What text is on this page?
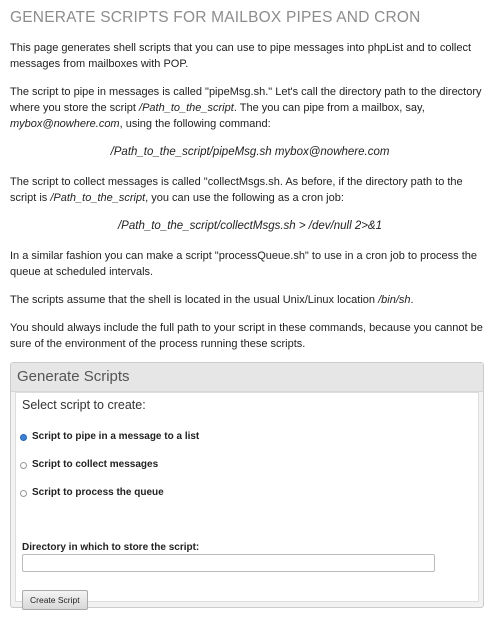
GENERATE SCRIPTS FOR MAILBOX PIPES AND CRON

This page generates shell scripts that you can use to pipe messages into phpList and to collect messages from mailboxes with POP.

The script to pipe in messages is called "pipeMsg.sh." Let's call the directory path to the directory where you store the script /Path_to_the_script. The you can pipe from a mailbox, say, mybox@nowhere.com, using the following command:

/Path_to_the_script/pipeMsg.sh mybox@nowhere.com

The script to collect messages is called "collectMsgs.sh. As before, if the directory path to the script is /Path_to_the_script, you can use the following as a cron job:

/Path_to_the_script/collectMsgs.sh > /dev/null 2>&1

In a similar fashion you can make a script "processQueue.sh" to use in a cron job to process the queue at scheduled intervals.

The scripts assume that the shell is located in the usual Unix/Linux location /bin/sh.

You should always include the full path to your script in these commands, because you cannot be sure of the environment of the process running these scripts.

Generate Scripts
Select script to create:
Script to pipe in a message to a list
Script to collect messages
Script to process the queue
Directory in which to store the script:
Create Script
